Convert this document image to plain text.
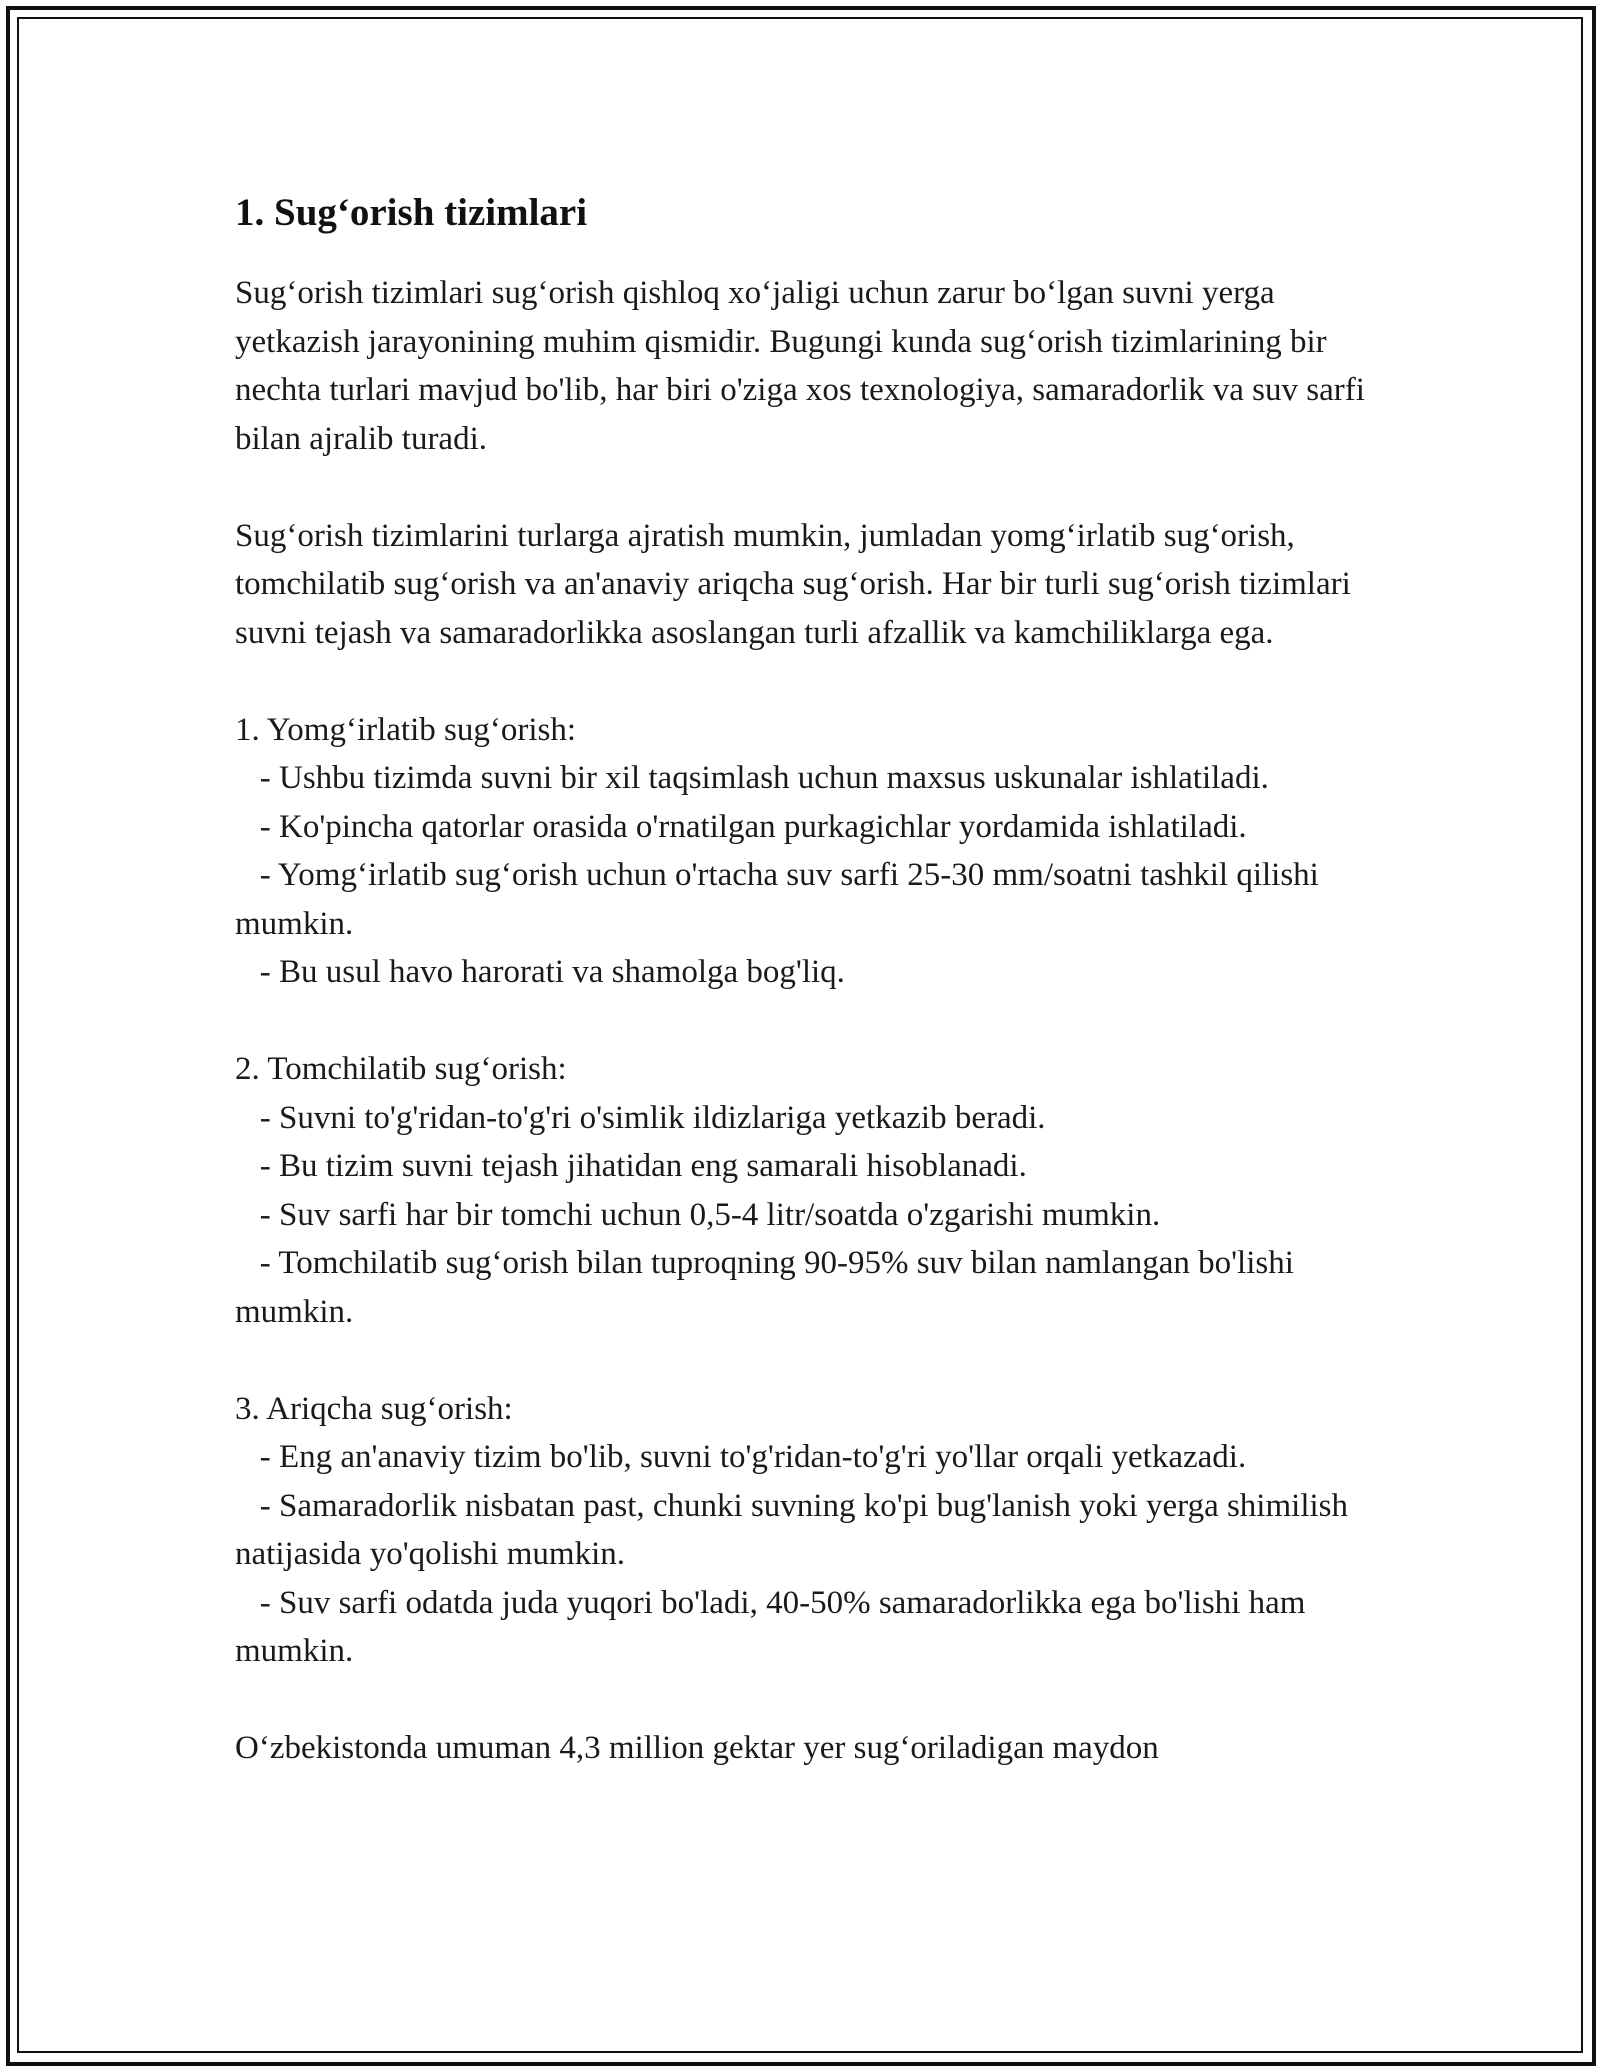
1. Sug‘orish tizimlari

Sug‘orish tizimlari sug‘orish qishloq xo‘jaligi uchun zarur bo‘lgan suvni yerga yetkazish jarayonining muhim qismidir. Bugungi kunda sug‘orish tizimlarining bir nechta turlari mavjud bo'lib, har biri o'ziga xos texnologiya, samaradorlik va suv sarfi bilan ajralib turadi.

Sug‘orish tizimlarini turlarga ajratish mumkin, jumladan yomg‘irlatib sug‘orish, tomchilatib sug‘orish va an'anaviy ariqcha sug‘orish. Har bir turli sug‘orish tizimlari suvni tejash va samaradorlikka asoslangan turli afzallik va kamchiliklarga ega.

1. Yomg‘irlatib sug‘orish:

- Ushbu tizimda suvni bir xil taqsimlash uchun maxsus uskunalar ishlatiladi.

- Ko'pincha qatorlar orasida o'rnatilgan purkagichlar yordamida ishlatiladi.

- Yomg‘irlatib sug‘orish uchun o'rtacha suv sarfi 25-30 mm/soatni tashkil qilishi mumkin.

- Bu usul havo harorati va shamolga bog'liq.

2. Tomchilatib sug‘orish:

- Suvni to'g'ridan-to'g'ri o'simlik ildizlariga yetkazib beradi.

- Bu tizim suvni tejash jihatidan eng samarali hisoblanadi.

- Suv sarfi har bir tomchi uchun 0,5-4 litr/soatda o'zgarishi mumkin.

- Tomchilatib sug‘orish bilan tuproqning 90-95% suv bilan namlangan bo'lishi mumkin.

3. Ariqcha sug‘orish:

- Eng an'anaviy tizim bo'lib, suvni to'g'ridan-to'g'ri yo'llar orqali yetkazadi.

- Samaradorlik nisbatan past, chunki suvning ko'pi bug'lanish yoki yerga shimilish natijasida yo'qolishi mumkin.

- Suv sarfi odatda juda yuqori bo'ladi, 40-50% samaradorlikka ega bo'lishi ham mumkin.

O‘zbekistonda umuman 4,3 million gektar yer sug‘oriladigan maydon
